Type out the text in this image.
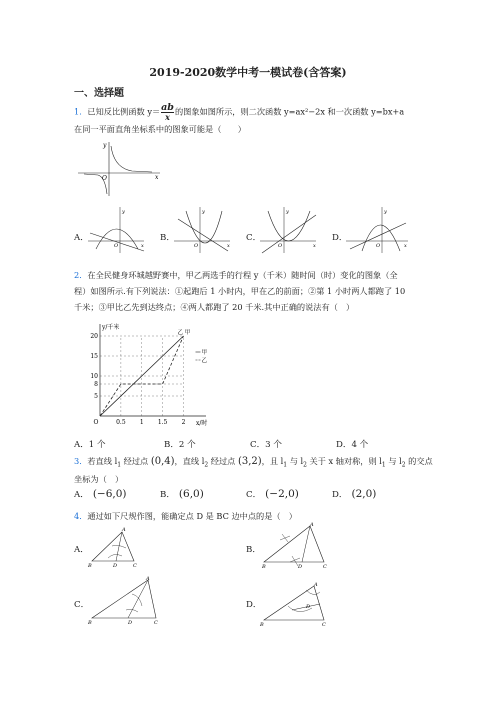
2019-2020数学中考一模试卷(含答案)
一、选择题
1．已知反比例函数 y＝ ab
x
的图象如图所示，则二次函数 y=ax²−2x 和一次函数 y=bx+a
在同一平面直角坐标系中的图象可能是（　　）
y
x
O
A．
y
x
O
B．
y
x
O
C．
y
x
O
D．
y
x
O
2．在全民健身环城越野赛中，甲乙两选手的行程 y（千米）随时间（时）变化的图象（全
程）如图所示.有下列说法：①起跑后 1 小时内，甲在乙的前面；②第 1 小时两人都跑了 10
千米；③甲比乙先到达终点；④两人都跑了 20 千米.其中正确的说法有（　）
5
8
10
15
20
O	0.5 1 1.5 2
y/千米
x/时
乙 甲
甲
乙
A．1 个	B．2 个	C．3 个	D．4 个
3．若直线 $l_1$ 经过点 (0,4)，直线 $l_2$ 经过点 (3,2)，且 $l_1$ 与 $l_2$ 关于 x 轴对称，则 $l_1$ 与 $l_2$ 的交点
坐标为（　）
A． (−6,0)	B． (6,0)	C． (−2,0)	D． (2,0)
4．通过如下尺规作图，能确定点 D 是 BC 边中点的是（　）
A．
A
B	D	C
B．
A
B	D	C
C．
A
B	D	C
D．
A
B
D
C
